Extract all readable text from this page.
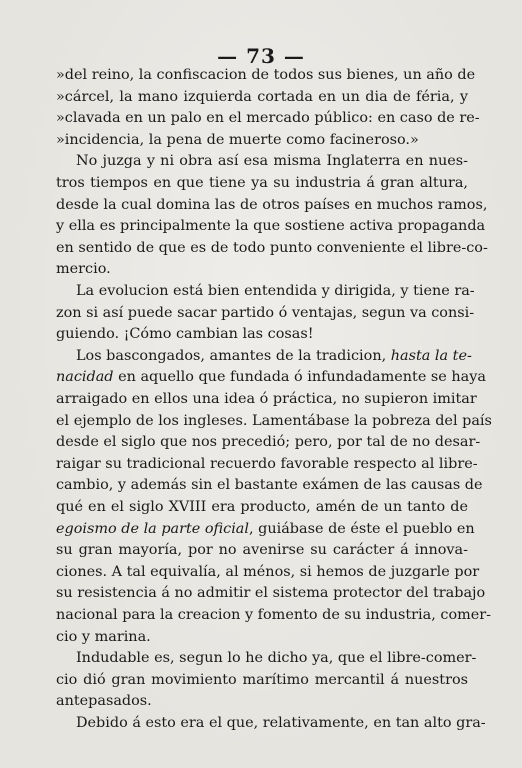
— 73 —
»del reino, la confiscacion de todos sus bienes, un año de
»cárcel, la mano izquierda cortada en un dia de féria, y
»clavada en un palo en el mercado público: en caso de re-
»incidencia, la pena de muerte como facineroso.»
No juzga y ni obra así esa misma Inglaterra en nues-
tros tiempos en que tiene ya su industria á gran altura,
desde la cual domina las de otros países en muchos ramos,
y ella es principalmente la que sostiene activa propaganda
en sentido de que es de todo punto conveniente el libre-co-
mercio.
La evolucion está bien entendida y dirigida, y tiene ra-
zon si así puede sacar partido ó ventajas, segun va consi-
guiendo. ¡Cómo cambian las cosas!
Los bascongados, amantes de la tradicion, hasta la te-
nacidad en aquello que fundada ó infundadamente se haya
arraigado en ellos una idea ó práctica, no supieron imitar
el ejemplo de los ingleses. Lamentábase la pobreza del país
desde el siglo que nos precedió; pero, por tal de no desar-
raigar su tradicional recuerdo favorable respecto al libre-
cambio, y además sin el bastante exámen de las causas de
qué en el siglo XVIII era producto, amén de un tanto de
egoismo de la parte oficial, guiábase de éste el pueblo en
su gran mayoría, por no avenirse su carácter á innova-
ciones. A tal equivalía, al ménos, si hemos de juzgarle por
su resistencia á no admitir el sistema protector del trabajo
nacional para la creacion y fomento de su industria, comer-
cio y marina.
Indudable es, segun lo he dicho ya, que el libre-comer-
cio dió gran movimiento marítimo mercantil á nuestros
antepasados.
Debido á esto era el que, relativamente, en tan alto gra-
